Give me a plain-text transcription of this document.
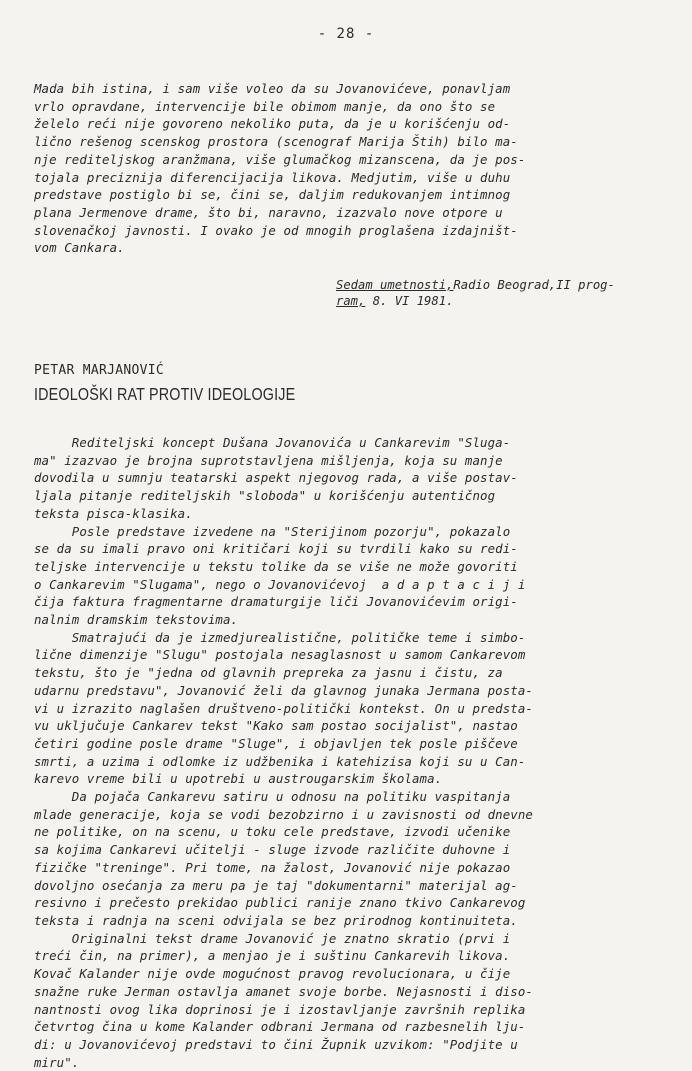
- 28 -
Mada bih istina, i sam više voleo da su Jovanovićeve, ponavljam
vrlo opravdane, intervencije bile obimom manje, da ono što se
želelo reći nije govoreno nekoliko puta, da je u korišćenju od-
lično rešenog scenskog prostora (scenograf Marija Štih) bilo ma-
nje rediteljskog aranžmana, više glumačkog mizanscena, da je pos-
tojala preciznija diferencijacija likova. Medjutim, više u duhu
predstave postiglo bi se, čini se, daljim redukovanjem intimnog
plana Jermenove drame, što bi, naravno, izazvalo nove otpore u
slovenačkoj javnosti. I ovako je od mnogih proglašena izdajništ-
vom Cankara.
Sedam umetnosti,Radio Beograd,II prog-
ram, 8. VI 1981.
PETAR MARJANOVIĆ
IDEOLOŠKI RAT PROTIV IDEOLOGIJE
Rediteljski koncept Dušana Jovanovića u Cankarevim "Sluga-
ma" izazvao je brojna suprotstavljena mišljenja, koja su manje
dovodila u sumnju teatarski aspekt njegovog rada, a više postav-
ljala pitanje rediteljskih "sloboda" u korišćenju autentičnog
teksta pisca-klasika.
Posle predstave izvedene na "Sterijinom pozorju", pokazalo
se da su imali pravo oni kritičari koji su tvrdili kako su redi-
teljske intervencije u tekstu tolike da se više ne može govoriti
o Cankarevim "Slugama", nego o Jovanovićevoj  a d a p t a c i j i
čija faktura fragmentarne dramaturgije liči Jovanovićevim origi-
nalnim dramskim tekstovima.
Smatrajući da je izmedjurealistične, političke teme i simbo-
lične dimenzije "Slugu" postojala nesaglasnost u samom Cankarevom
tekstu, što je "jedna od glavnih prepreka za jasnu i čistu, za
udarnu predstavu", Jovanović želi da glavnog junaka Jermana posta-
vi u izrazito naglašen društveno-politički kontekst. On u predsta-
vu uključuje Cankarev tekst "Kako sam postao socijalist", nastao
četiri godine posle drame "Sluge", i objavljen tek posle piščeve
smrti, a uzima i odlomke iz udžbenika i katehizisa koji su u Can-
karevo vreme bili u upotrebi u austrougarskim školama.
Da pojača Cankarevu satiru u odnosu na politiku vaspitanja
mlade generacije, koja se vodi bezobzirno i u zavisnosti od dnevne
ne politike, on na scenu, u toku cele predstave, izvodi učenike
sa kojima Cankarevi učitelji - sluge izvode različite duhovne i
fizičke "treninge". Pri tome, na žalost, Jovanović nije pokazao
dovoljno osećanja za meru pa je taj "dokumentarni" materijal ag-
resivno i prečesto prekidao publici ranije znano tkivo Cankarevog
teksta i radnja na sceni odvijala se bez prirodnog kontinuiteta.
Originalni tekst drame Jovanović je znatno skratio (prvi i
treći čin, na primer), a menjao je i suštinu Cankarevih likova.
Kovač Kalander nije ovde mogućnost pravog revolucionara, u čije
snažne ruke Jerman ostavlja amanet svoje borbe. Nejasnosti i diso-
nantnosti ovog lika doprinosi je i izostavljanje završnih replika
četvrtog čina u kome Kalander odbrani Jermana od razbesnelih lju-
di: u Jovanovićevoj predstavi to čini Župnik uzvikom: "Podjite u
miru".
